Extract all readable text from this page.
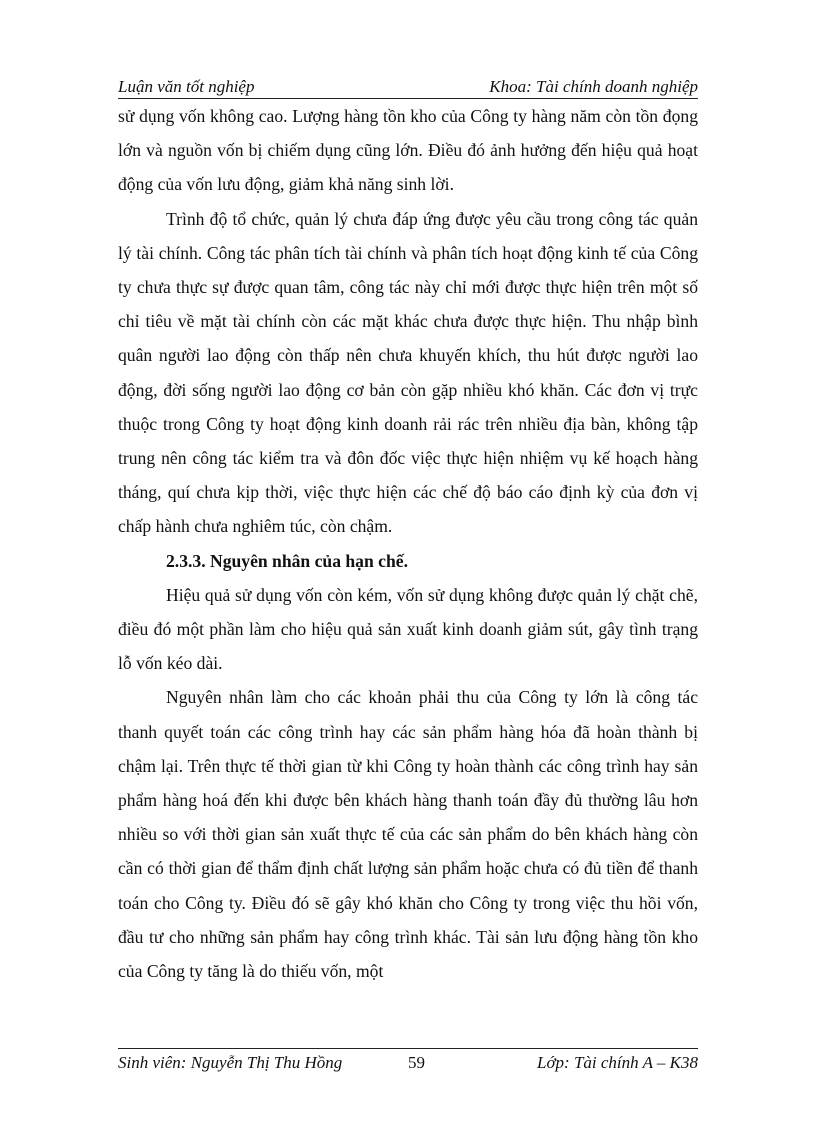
Luận văn tốt nghiệp	Khoa: Tài chính doanh nghiệp

sử dụng vốn không cao. Lượng hàng tồn kho của Công ty hàng năm còn tồn đọng lớn và nguồn vốn bị chiếm dụng cũng lớn. Điều đó ảnh hưởng đến hiệu quả hoạt động của vốn lưu động, giảm khả năng sinh lời.

Trình độ tổ chức, quản lý chưa đáp ứng được yêu cầu trong công tác quản lý tài chính. Công tác phân tích tài chính và phân tích hoạt động kinh tế của Công ty chưa thực sự được quan tâm, công tác này chỉ mới được thực hiện trên một số chỉ tiêu về mặt tài chính còn các mặt khác chưa được thực hiện. Thu nhập bình quân người lao động còn thấp nên chưa khuyến khích, thu hút được người lao động, đời sống người lao động cơ bản còn gặp nhiều khó khăn. Các đơn vị trực thuộc trong Công ty hoạt động kinh doanh rải rác trên nhiều địa bàn, không tập trung nên công tác kiểm tra và đôn đốc việc thực hiện nhiệm vụ kế hoạch hàng tháng, quí chưa kịp thời, việc thực hiện các chế độ báo cáo định kỳ của đơn vị chấp hành chưa nghiêm túc, còn chậm.

2.3.3. Nguyên nhân của hạn chế.

Hiệu quả sử dụng vốn còn kém, vốn sử dụng không được quản lý chặt chẽ, điều đó một phần làm cho hiệu quả sản xuất kinh doanh giảm sút, gây tình trạng lỗ vốn kéo dài.

Nguyên nhân làm cho các khoản phải thu của Công ty lớn là công tác thanh quyết toán các công trình hay các sản phẩm hàng hóa đã hoàn thành bị chậm lại. Trên thực tế thời gian từ khi Công ty hoàn thành các công trình hay sản phẩm hàng hoá đến khi được bên khách hàng thanh toán đầy đủ thường lâu hơn nhiều so với thời gian sản xuất thực tế của các sản phẩm do bên khách hàng còn cần có thời gian để thẩm định chất lượng sản phẩm hoặc chưa có đủ tiền để thanh toán cho Công ty. Điều đó sẽ gây khó khăn cho Công ty trong việc thu hồi vốn, đầu tư cho những sản phẩm hay công trình khác. Tài sản lưu động hàng tồn kho của Công ty tăng là do thiếu vốn, một

Sinh viên: Nguyễn Thị Thu Hồng	59	Lớp: Tài chính A – K38
